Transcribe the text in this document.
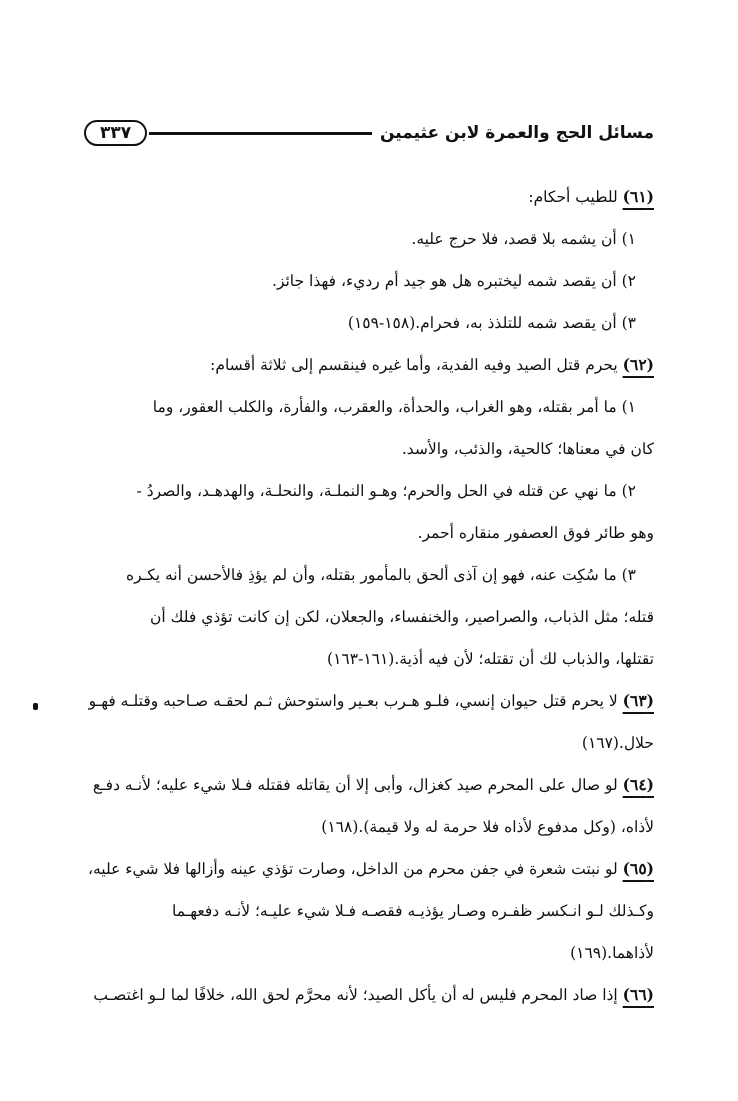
مسائل الحج والعمرة لابن عثيمين
٣٣٧

(٦١) للطيب أحكام:

١) أن يشمه بلا قصد، فلا حرج عليه.

٢) أن يقصد شمه ليختبره هل هو جيد أم رديء، فهذا جائز.

٣) أن يقصد شمه للتلذذ به، فحرام.(١٥٨-١٥٩)

(٦٢) يحرم قتل الصيد وفيه الفدية، وأما غيره فينقسم إلى ثلاثة أقسام:

١) ما أمر بقتله، وهو الغراب، والحدأة، والعقرب، والفأرة، والكلب العقور، وما

كان في معناها؛ كالحية، والذئب، والأسد.

٢) ما نهي عن قتله في الحل والحرم؛ وهـو النملـة، والنحلـة، والهدهـد، والصردُ -

وهو طائر فوق العصفور منقاره أحمر.

٣) ما سُكِت عنه، فهو إن آذى ألحق بالمأمور بقتله، وأن لم يؤذِ فالأحسن أنه يكـره

قتله؛ مثل الذباب، والصراصير، والخنفساء، والجعلان، لكن إن كانت تؤذي فلك أن

تقتلها، والذباب لك أن تقتله؛ لأن فيه أذية.(١٦١-١٦٣)

(٦٣) لا يحرم قتل حيوان إنسي، فلـو هـرب بعـير واستوحش ثـم لحقـه صـاحبه وقتلـه فهـو

حلال.(١٦٧)

(٦٤) لو صال على المحرم صيد كغزال، وأبى إلا أن يقاتله فقتله فـلا شيء عليه؛ لأنـه دفـع

لأذاه، (وكل مدفوع لأذاه فلا حرمة له ولا قيمة).(١٦٨)

(٦٥) لو نبتت شعرة في جفن محرم من الداخل، وصارت تؤذي عينه وأزالها فلا شيء عليه،

وكـذلك لـو انـكسر ظفـره وصـار يؤذيـه فقصـه فـلا شيء عليـه؛ لأنـه دفعهـما

لأذاهما.(١٦٩)

(٦٦) إذا صاد المحرم فليس له أن يأكل الصيد؛ لأنه محرَّم لحق الله، خلافًا لما لـو اغتصـب
